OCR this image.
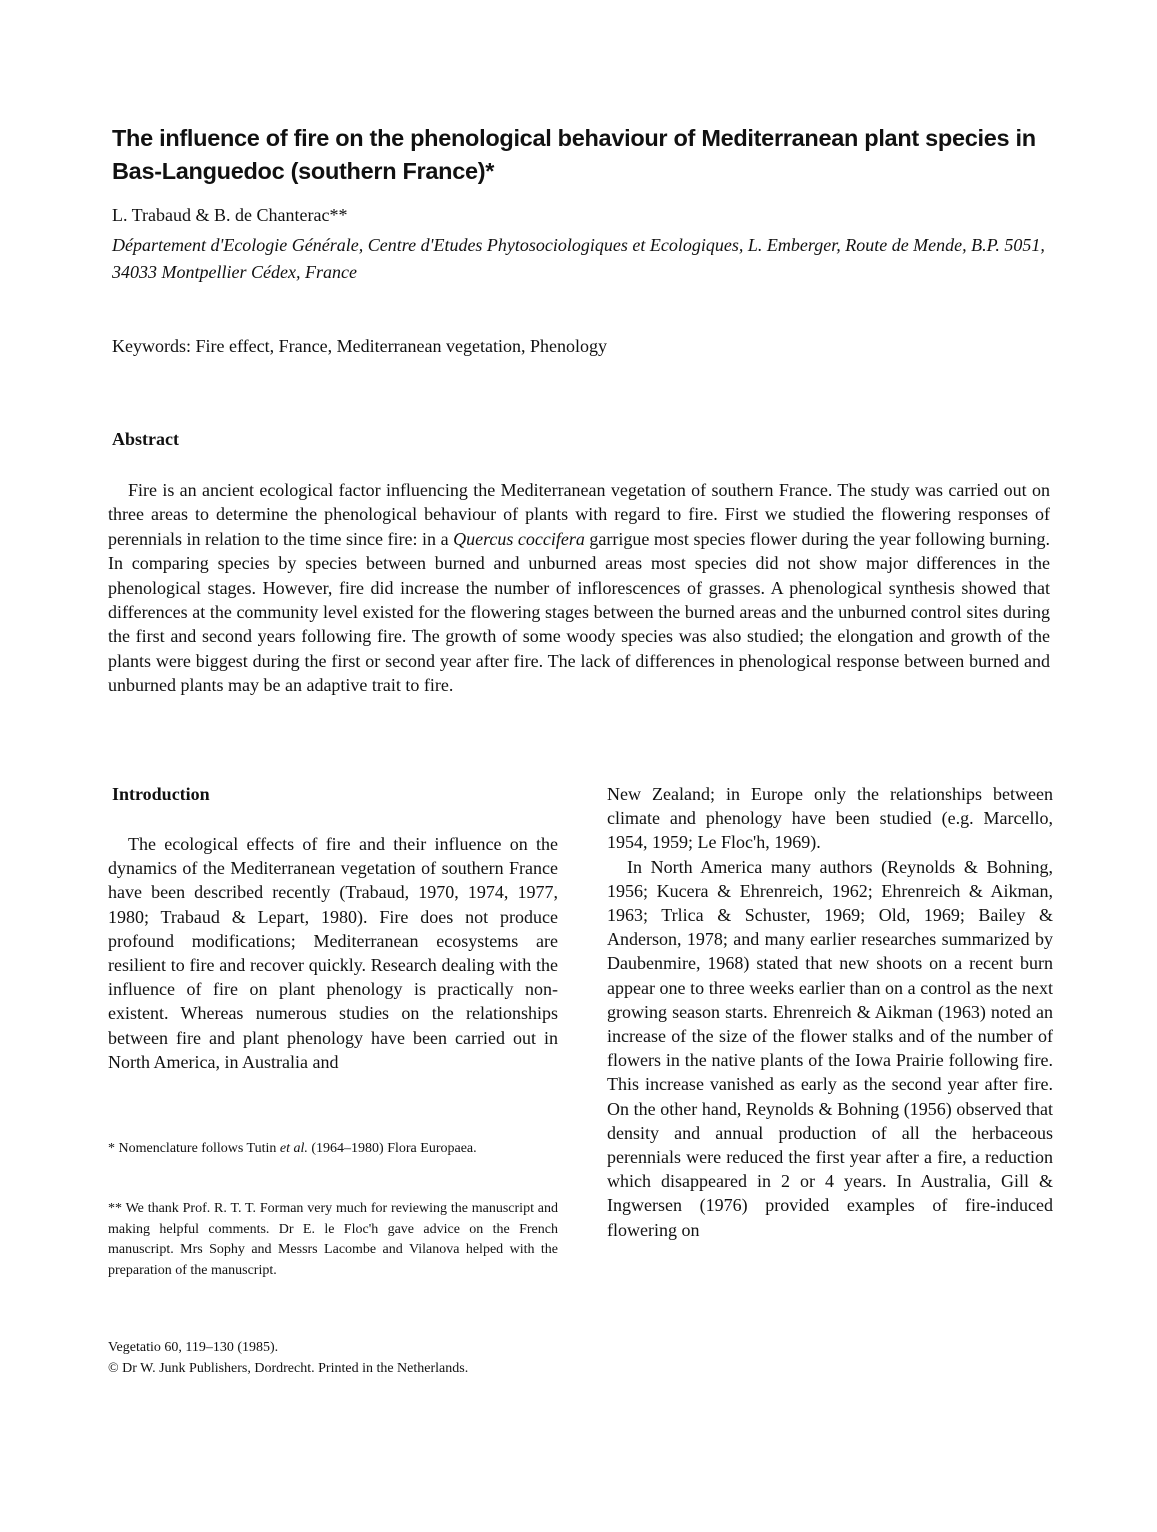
The influence of fire on the phenological behaviour of Mediterranean plant species in Bas-Languedoc (southern France)*

L. Trabaud & B. de Chanterac**

Département d'Ecologie Générale, Centre d'Etudes Phytosociologiques et Ecologiques, L. Emberger, Route de Mende, B.P. 5051, 34033 Montpellier Cédex, France

Keywords: Fire effect, France, Mediterranean vegetation, Phenology

Abstract

Fire is an ancient ecological factor influencing the Mediterranean vegetation of southern France. The study was carried out on three areas to determine the phenological behaviour of plants with regard to fire. First we studied the flowering responses of perennials in relation to the time since fire: in a Quercus coccifera garrigue most species flower during the year following burning. In comparing species by species between burned and unburned areas most species did not show major differences in the phenological stages. However, fire did increase the number of inflorescences of grasses. A phenological synthesis showed that differences at the community level existed for the flowering stages between the burned areas and the unburned control sites during the first and second years following fire. The growth of some woody species was also studied; the elongation and growth of the plants were biggest during the first or second year after fire. The lack of differences in phenological response between burned and unburned plants may be an adaptive trait to fire.

Introduction

The ecological effects of fire and their influence on the dynamics of the Mediterranean vegetation of southern France have been described recently (Trabaud, 1970, 1974, 1977, 1980; Trabaud & Lepart, 1980). Fire does not produce profound modifications; Mediterranean ecosystems are resilient to fire and recover quickly. Research dealing with the influence of fire on plant phenology is practically non-existent. Whereas numerous studies on the relationships between fire and plant phenology have been carried out in North America, in Australia and

New Zealand; in Europe only the relationships between climate and phenology have been studied (e.g. Marcello, 1954, 1959; Le Floc'h, 1969).

In North America many authors (Reynolds & Bohning, 1956; Kucera & Ehrenreich, 1962; Ehrenreich & Aikman, 1963; Trlica & Schuster, 1969; Old, 1969; Bailey & Anderson, 1978; and many earlier researches summarized by Daubenmire, 1968) stated that new shoots on a recent burn appear one to three weeks earlier than on a control as the next growing season starts. Ehrenreich & Aikman (1963) noted an increase of the size of the flower stalks and of the number of flowers in the native plants of the Iowa Prairie following fire. This increase vanished as early as the second year after fire. On the other hand, Reynolds & Bohning (1956) observed that density and annual production of all the herbaceous perennials were reduced the first year after a fire, a reduction which disappeared in 2 or 4 years. In Australia, Gill & Ingwersen (1976) provided examples of fire-induced flowering on

* Nomenclature follows Tutin et al. (1964–1980) Flora Europaea.

** We thank Prof. R. T. T. Forman very much for reviewing the manuscript and making helpful comments. Dr E. le Floc'h gave advice on the French manuscript. Mrs Sophy and Messrs Lacombe and Vilanova helped with the preparation of the manuscript.

Vegetatio 60, 119–130 (1985).
© Dr W. Junk Publishers, Dordrecht. Printed in the Netherlands.
